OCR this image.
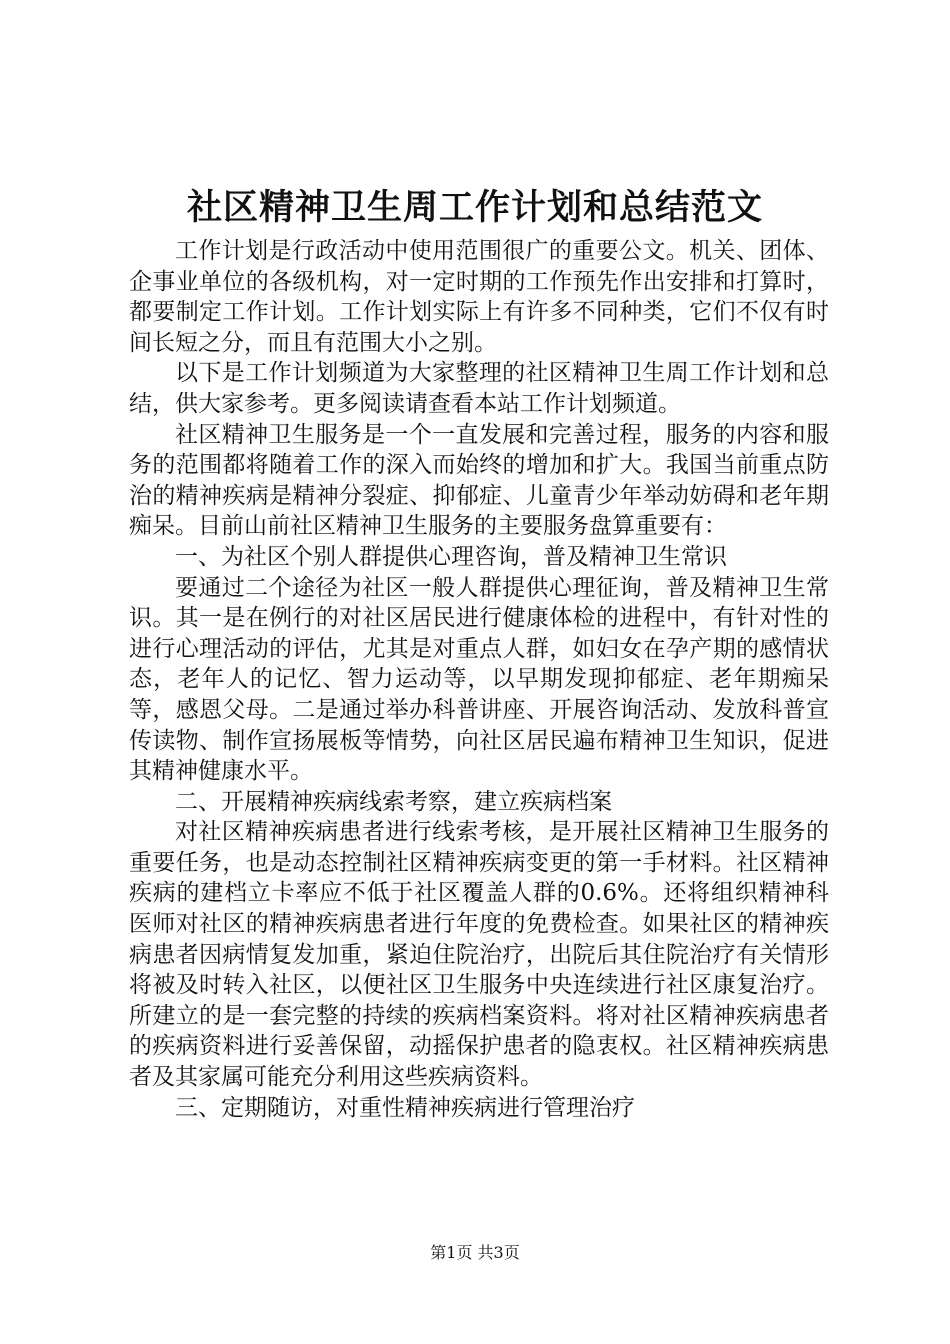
社区精神卫生周工作计划和总结范文

工作计划是行政活动中使用范围很广的重要公文。机关、团体、企事业单位的各级机构，对一定时期的工作预先作出安排和打算时，都要制定工作计划。工作计划实际上有许多不同种类，它们不仅有时间长短之分，而且有范围大小之别。

以下是工作计划频道为大家整理的社区精神卫生周工作计划和总结，供大家参考。更多阅读请查看本站工作计划频道。

社区精神卫生服务是一个一直发展和完善过程，服务的内容和服务的范围都将随着工作的深入而始终的增加和扩大。我国当前重点防治的精神疾病是精神分裂症、抑郁症、儿童青少年举动妨碍和老年期痴呆。目前山前社区精神卫生服务的主要服务盘算重要有：

一、为社区个别人群提供心理咨询，普及精神卫生常识

要通过二个途径为社区一般人群提供心理征询，普及精神卫生常识。其一是在例行的对社区居民进行健康体检的进程中，有针对性的进行心理活动的评估，尤其是对重点人群，如妇女在孕产期的感情状态，老年人的记忆、智力运动等，以早期发现抑郁症、老年期痴呆等，感恩父母。二是通过举办科普讲座、开展咨询活动、发放科普宣传读物、制作宣扬展板等情势，向社区居民遍布精神卫生知识，促进其精神健康水平。

二、开展精神疾病线索考察，建立疾病档案

对社区精神疾病患者进行线索考核，是开展社区精神卫生服务的重要任务，也是动态控制社区精神疾病变更的第一手材料。社区精神疾病的建档立卡率应不低于社区覆盖人群的0.6%。还将组织精神科医师对社区的精神疾病患者进行年度的免费检查。如果社区的精神疾病患者因病情复发加重，紧迫住院治疗，出院后其住院治疗有关情形将被及时转入社区，以便社区卫生服务中央连续进行社区康复治疗。所建立的是一套完整的持续的疾病档案资料。将对社区精神疾病患者的疾病资料进行妥善保留，动摇保护患者的隐衷权。社区精神疾病患者及其家属可能充分利用这些疾病资料。

三、定期随访，对重性精神疾病进行管理治疗

第1页 共3页
